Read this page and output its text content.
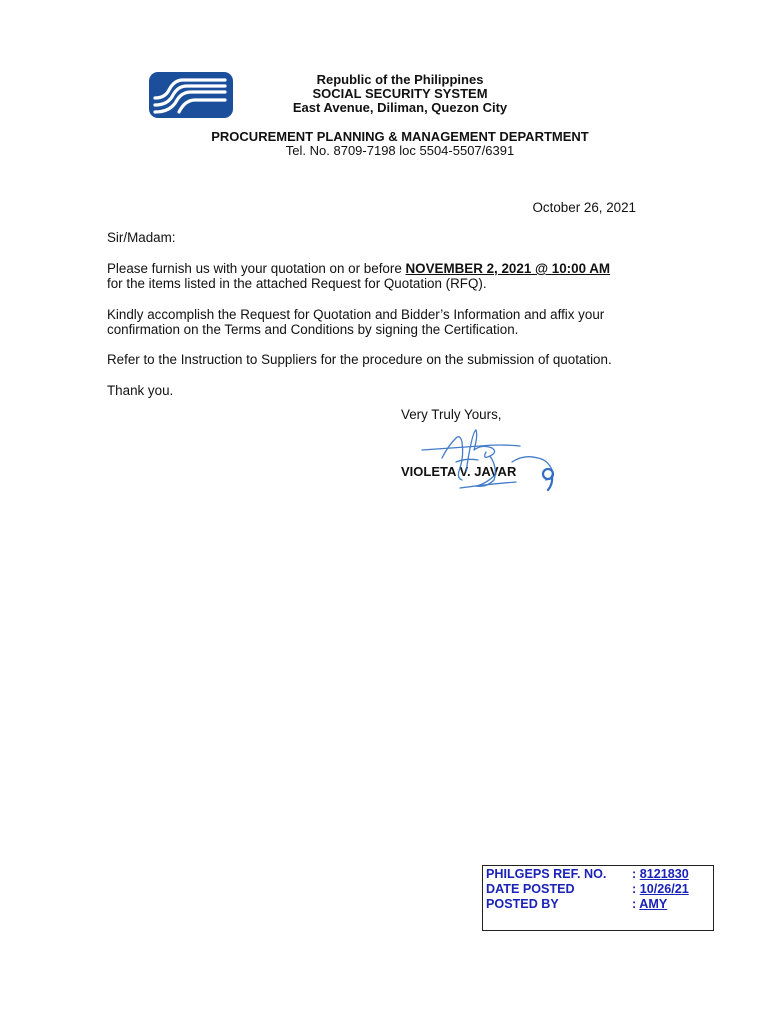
Republic of the Philippines
SOCIAL SECURITY SYSTEM
East Avenue, Diliman, Quezon City
PROCUREMENT PLANNING & MANAGEMENT DEPARTMENT
Tel. No. 8709-7198 loc 5504-5507/6391
October 26, 2021
Sir/Madam:
Please furnish us with your quotation on or before NOVEMBER 2, 2021 @ 10:00 AM
for the items listed in the attached Request for Quotation (RFQ).
Kindly accomplish the Request for Quotation and Bidder’s Information and affix your
confirmation on the Terms and Conditions by signing the Certification.
Refer to the Instruction to Suppliers for the procedure on the submission of quotation.
Thank you.
Very Truly Yours,
VIOLETA V. JAVAR
PHILGEPS REF. NO. : 8121830
DATE POSTED	: 10/26/21
POSTED BY	: AMY
